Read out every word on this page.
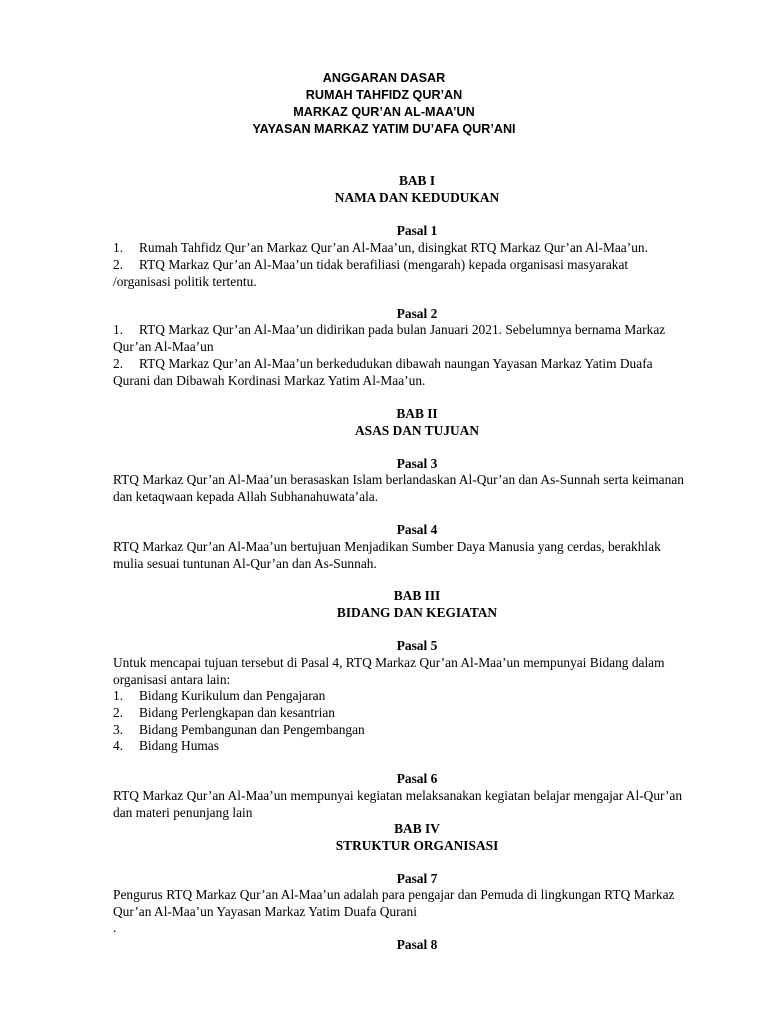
ANGGARAN DASAR
RUMAH TAHFIDZ QUR’AN
MARKAZ QUR’AN AL-MAA’UN
YAYASAN MARKAZ YATIM DU’AFA QUR’ANI
BAB I
NAMA DAN KEDUDUKAN
Pasal 1
1. Rumah Tahfidz Qur’an Markaz Qur’an Al-Maa’un, disingkat RTQ Markaz Qur’an Al-Maa’un.
2. RTQ Markaz Qur’an Al-Maa’un tidak berafiliasi (mengarah) kepada organisasi masyarakat
/organisasi politik tertentu.
Pasal 2
1. RTQ Markaz Qur’an Al-Maa’un didirikan pada bulan Januari 2021. Sebelumnya bernama Markaz
Qur’an Al-Maa’un
2. RTQ Markaz Qur’an Al-Maa’un berkedudukan dibawah naungan Yayasan Markaz Yatim Duafa
Qurani dan Dibawah Kordinasi Markaz Yatim Al-Maa’un.
BAB II
ASAS DAN TUJUAN
Pasal 3
RTQ Markaz Qur’an Al-Maa’un berasaskan Islam berlandaskan Al-Qur’an dan As-Sunnah serta keimanan
dan ketaqwaan kepada Allah Subhanahuwata’ala.
Pasal 4
RTQ Markaz Qur’an Al-Maa’un bertujuan Menjadikan Sumber Daya Manusia yang cerdas, berakhlak
mulia sesuai tuntunan Al-Qur’an dan As-Sunnah.
BAB III
BIDANG DAN KEGIATAN
Pasal 5
Untuk mencapai tujuan tersebut di Pasal 4, RTQ Markaz Qur’an Al-Maa’un mempunyai Bidang dalam
organisasi antara lain:
1. Bidang Kurikulum dan Pengajaran
2. Bidang Perlengkapan dan kesantrian
3. Bidang Pembangunan dan Pengembangan
4. Bidang Humas
Pasal 6
RTQ Markaz Qur’an Al-Maa’un mempunyai kegiatan melaksanakan kegiatan belajar mengajar Al-Qur’an
dan materi penunjang lain
BAB IV
STRUKTUR ORGANISASI
Pasal 7
Pengurus RTQ Markaz Qur’an Al-Maa’un adalah para pengajar dan Pemuda di lingkungan RTQ Markaz
Qur’an Al-Maa’un Yayasan Markaz Yatim Duafa Qurani
.
Pasal 8
